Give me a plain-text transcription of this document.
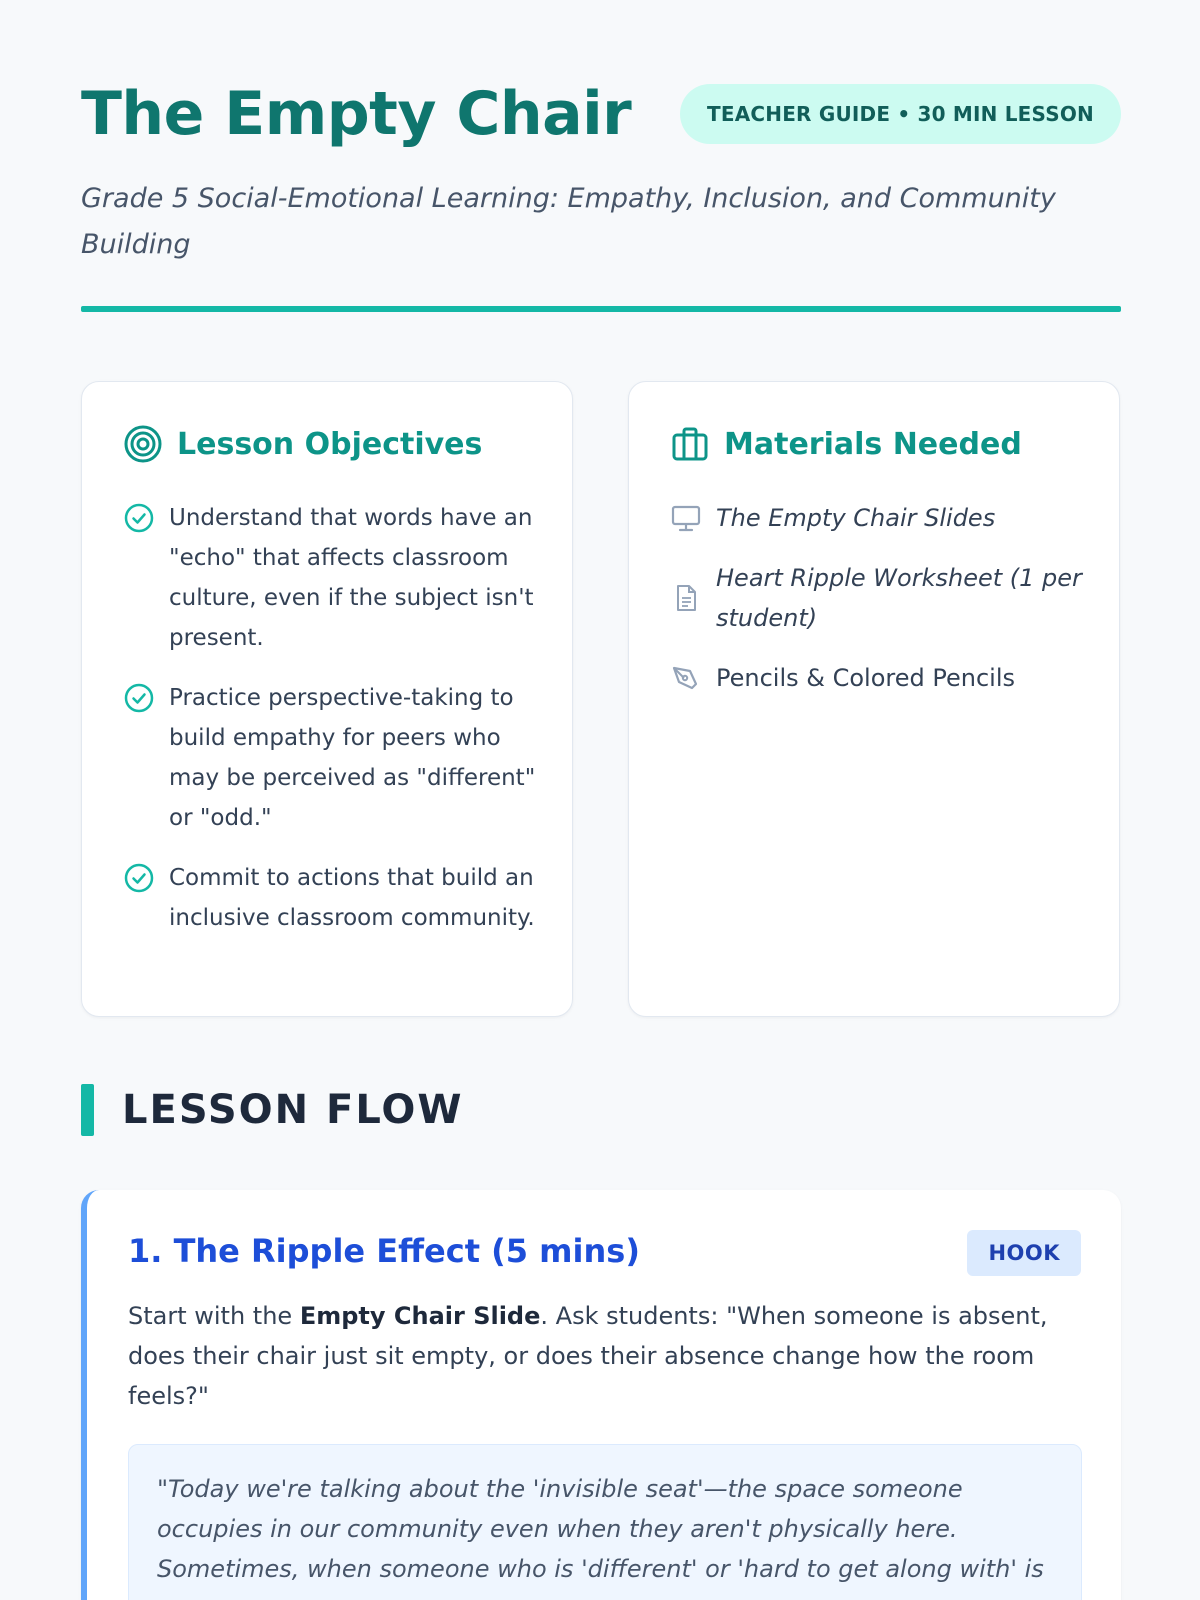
The Empty Chair	TEACHER GUIDE • 30 MIN LESSON

Grade 5 Social-Emotional Learning: Empathy, Inclusion, and Community Building

Lesson Objectives
Understand that words have an "echo" that affects classroom culture, even if the subject isn't present.
Practice perspective-taking to build empathy for peers who may be perceived as "different" or "odd."
Commit to actions that build an inclusive classroom community.
Materials Needed
The Empty Chair Slides
Heart Ripple Worksheet (1 per student)
Pencils & Colored Pencils
LESSON FLOW
1. The Ripple Effect (5 mins)	HOOK

Start with the Empty Chair Slide. Ask students: "When someone is absent, does their chair just sit empty, or does their absence change how the room feels?"

"Today we're talking about the 'invisible seat'—the space someone occupies in our community even when they aren't physically here. Sometimes, when someone who is 'different' or 'hard to get along with' is
